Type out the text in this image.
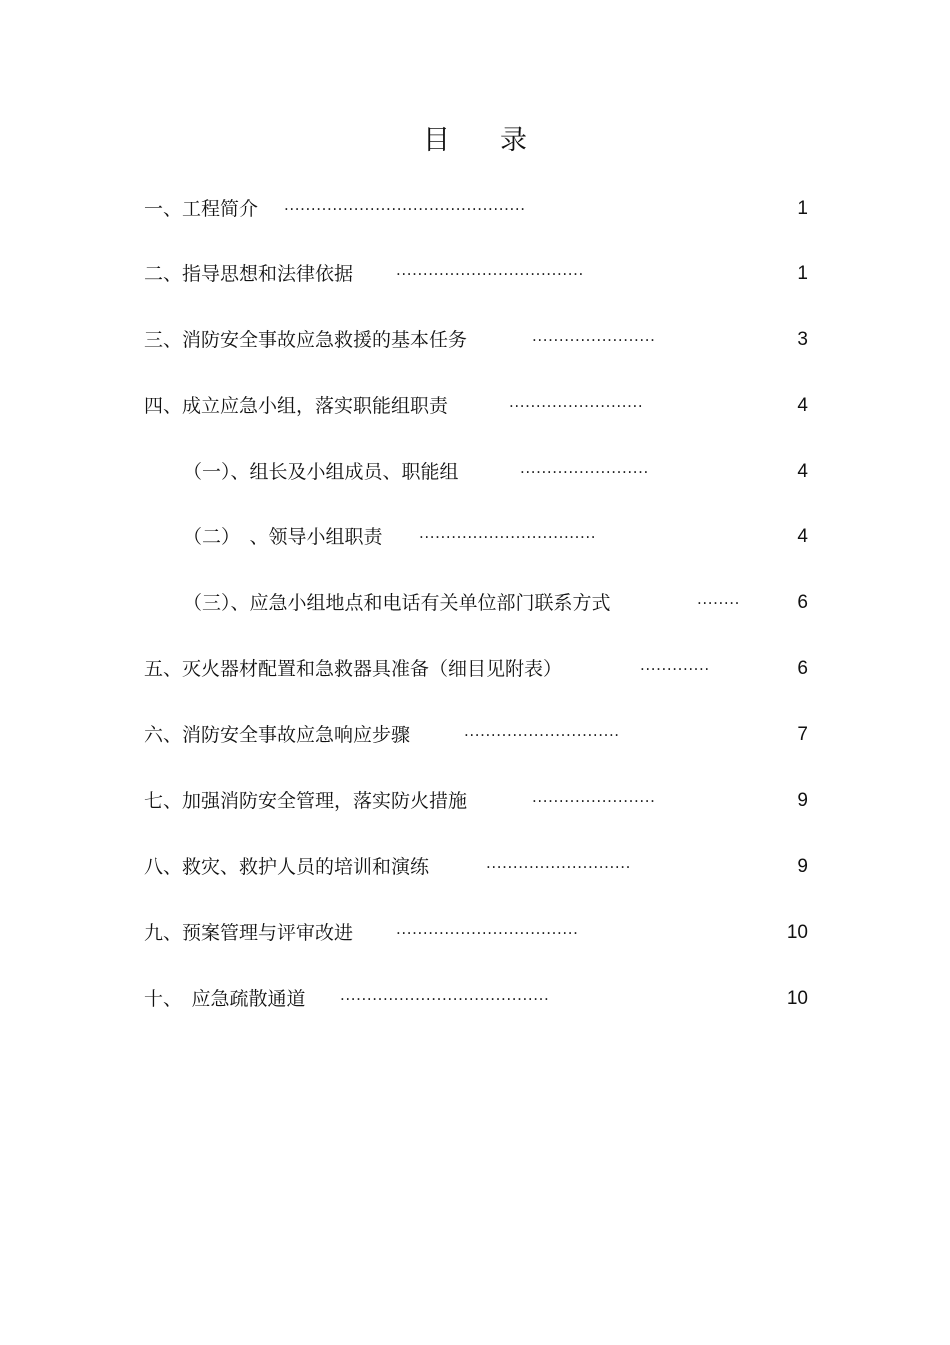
目 录
一、工程简介 .............................................	1
二、指导思想和法律依据	...................................	1
三、消防安全事故应急救援的基本任务	.......................	3
四、成立应急小组，落实职能组职责	.........................	4
（一）、组长及小组成员、职能组	........................	4
（二）　、领导小组职责 .................................	4
（三）、应急小组地点和电话有关单位部门联系方式	........	6
五、灭火器材配置和急救器具准备（细目见附表）	.............	6
六、消防安全事故应急响应步骤	.............................	7
七、加强消防安全管理，落实防火措施	.......................	9
八、救灾、救护人员的培训和演练	...........................	9
九、预案管理与评审改进	..................................	10
十、　应急疏散通道 .......................................	10
